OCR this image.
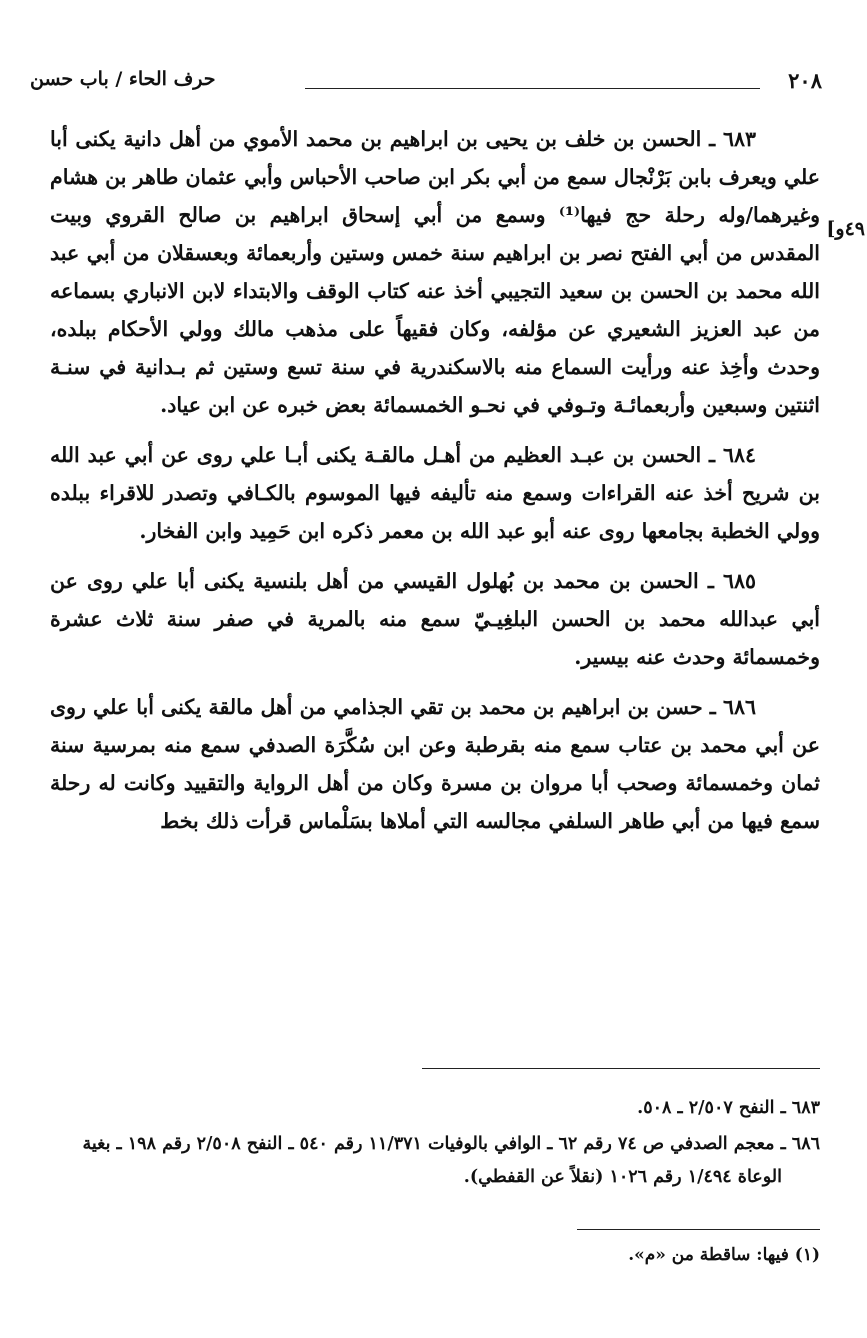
٢٠٨
حرف الحاء / باب حسن
٤٩و]

٦٨٣ ـ الحسن بن خلف بن يحيى بن ابراهيم بن محمد الأموي من أهل دانية يكنى أبا علي ويعرف بابن بَرْنْجال سمع من أبي بكر ابن صاحب الأحباس وأبي عثمان طاهر بن هشام وغيرهما/وله رحلة حج فيها⁽¹⁾ وسمع من أبي إسحاق ابراهيم بن صالح القروي وبيت المقدس من أبي الفتح نصر بن ابراهيم سنة خمس وستين وأربعمائة وبعسقلان من أبي عبد الله محمد بن الحسن بن سعيد التجيبي أخذ عنه كتاب الوقف والابتداء لابن الانباري بسماعه من عبد العزيز الشعيري عن مؤلفه، وكان فقيهاً على مذهب مالك وولي الأحكام ببلده، وحدث وأخِذ عنه ورأيت السماع منه بالاسكندرية في سنة تسع وستين ثم بـدانية في سنـة اثنتين وسبعين وأربعمائـة وتـوفي في نحـو الخمسمائة بعض خبره عن ابن عياد.

٦٨٤ ـ الحسن بن عبـد العظيم من أهـل مالقـة يكنى أبـا علي روى عن أبي عبد الله بن شريح أخذ عنه القراءات وسمع منه تأليفه فيها الموسوم بالكـافي وتصدر للاقراء ببلده وولي الخطبة بجامعها روى عنه أبو عبد الله بن معمر ذكره ابن حَمِيد وابن الفخار.

٦٨٥ ـ الحسن بن محمد بن بُهلول القيسي من أهل بلنسية يكنى أبا علي روى عن أبي عبدالله محمد بن الحسن البلغِيـيّ سمع منه بالمرية في صفر سنة ثلاث عشرة وخمسمائة وحدث عنه بيسير.

٦٨٦ ـ حسن بن ابراهيم بن محمد بن تقي الجذامي من أهل مالقة يكنى أبا علي روى عن أبي محمد بن عتاب سمع منه بقرطبة وعن ابن سُكَّرَة الصدفي سمع منه بمرسية سنة ثمان وخمسمائة وصحب أبا مروان بن مسرة وكان من أهل الرواية والتقييد وكانت له رحلة سمع فيها من أبي طاهر السلفي مجالسه التي أملاها بسَلْماس قرأت ذلك بخط

٦٨٣ ـ النفح ٢/٥٠٧ ـ ٥٠٨.

٦٨٦ ـ معجم الصدفي ص ٧٤ رقم ٦٢ ـ الوافي بالوفيات ١١/٣٧١ رقم ٥٤٠ ـ النفح ٢/٥٠٨ رقم ١٩٨ ـ بغية الوعاة ١/٤٩٤ رقم ١٠٢٦ (نقلاً عن القفطي).

(١) فيها: ساقطة من «م».
